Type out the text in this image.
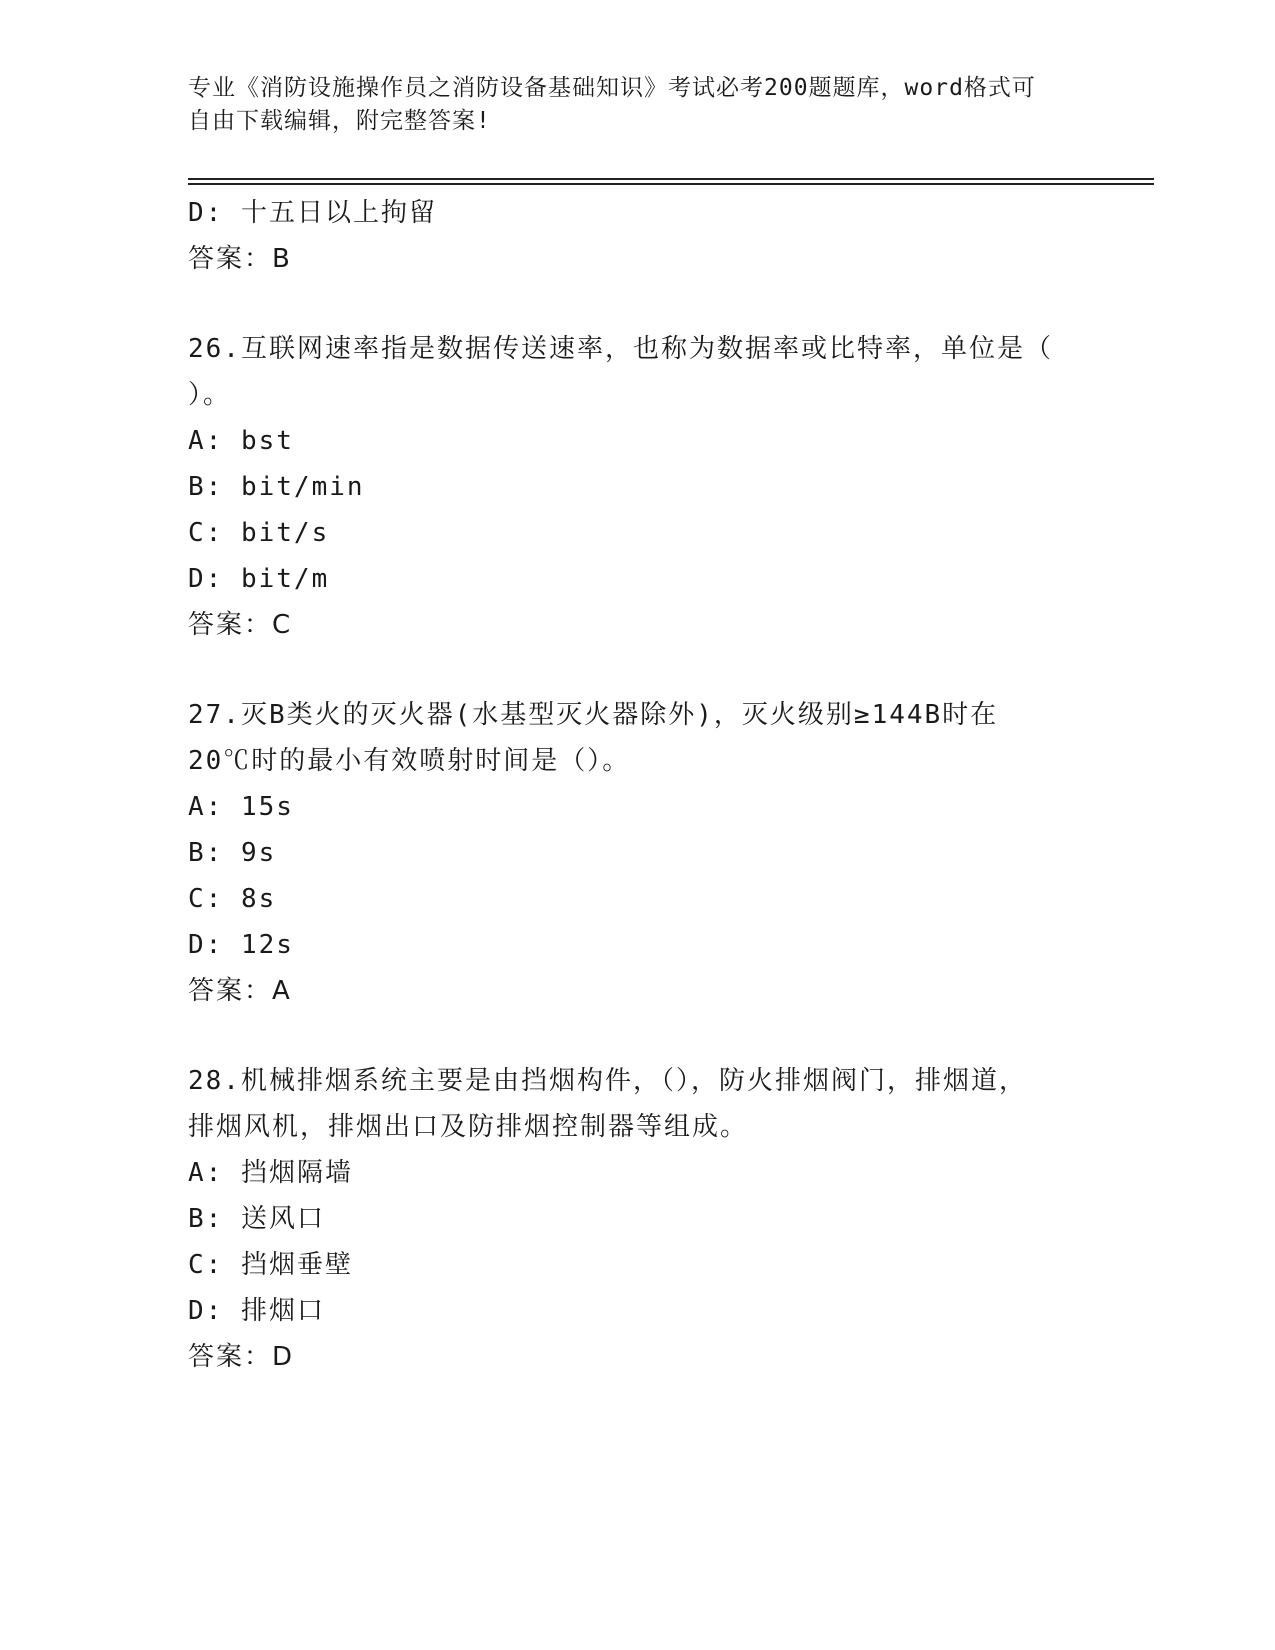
专业《消防设施操作员之消防设备基础知识》考试必考200题题库，word格式可
自由下载编辑，附完整答案!
D: 十五日以上拘留
答案：B
26.互联网速率指是数据传送速率，也称为数据率或比特率，单位是（
）。
A: bst
B: bit/min
C: bit/s
D: bit/m
答案：C
27.灭B类火的灭火器(水基型灭火器除外)，灭火级别≥144B时在
20℃时的最小有效喷射时间是（）。
A: 15s
B: 9s
C: 8s
D: 12s
答案：A
28.机械排烟系统主要是由挡烟构件，（），防火排烟阀门，排烟道，
排烟风机，排烟出口及防排烟控制器等组成。
A: 挡烟隔墙
B: 送风口
C: 挡烟垂壁
D: 排烟口
答案：D
